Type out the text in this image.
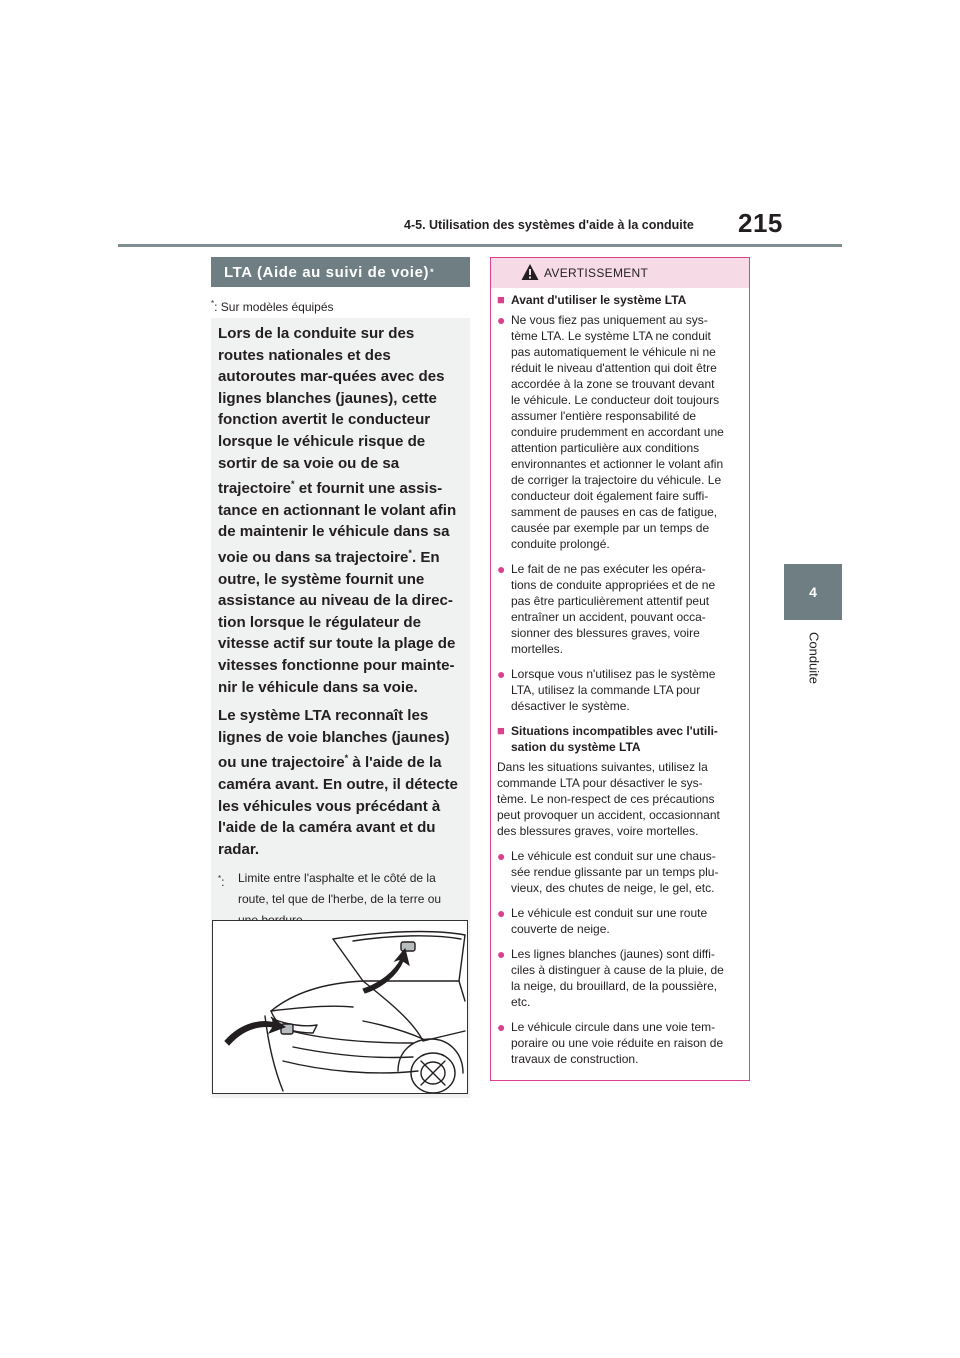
4-5. Utilisation des systèmes d'aide à la conduite 215
4
Conduite
LTA (Aide au suivi de voie) *
*: Sur modèles équipés

Lors de la conduite sur des routes nationales et des autoroutes mar-quées avec des lignes blanches (jaunes), cette fonction avertit le conducteur lorsque le véhicule risque de sortir de sa voie ou de sa trajectoire* et fournit une assis-tance en actionnant le volant afin de maintenir le véhicule dans sa voie ou dans sa trajectoire*. En outre, le système fournit une assistance au niveau de la direc-tion lorsque le régulateur de vitesse actif sur toute la plage de vitesses fonctionne pour mainte-nir le véhicule dans sa voie.

Le système LTA reconnaît les lignes de voie blanches (jaunes) ou une trajectoire* à l'aide de la caméra avant. En outre, il détecte les véhicules vous précédant à l'aide de la caméra avant et du radar.

*:	Limite entre l'asphalte et le côté de la route, tel que de l'herbe, de la terre ou
AVERTISSEMENT
■ Avant d'utiliser le système LTA
● Ne vous fiez pas uniquement au sys-
tème LTA. Le système LTA ne conduit
pas automatiquement le véhicule ni ne
réduit le niveau d'attention qui doit être
accordée à la zone se trouvant devant
le véhicule. Le conducteur doit toujours
assumer l'entière responsabilité de
conduire prudemment en accordant une
attention particulière aux conditions
environnantes et actionner le volant afin
de corriger la trajectoire du véhicule. Le
conducteur doit également faire suffi-
samment de pauses en cas de fatigue,
causée par exemple par un temps de
conduite prolongé.
● Le fait de ne pas exécuter les opéra-
tions de conduite appropriées et de ne
pas être particulièrement attentif peut
entraîner un accident, pouvant occa-
sionner des blessures graves, voire
mortelles.
● Lorsque vous n'utilisez pas le système
LTA, utilisez la commande LTA pour
désactiver le système.
■ Situations incompatibles avec l'utili-
sation du système LTA
Dans les situations suivantes, utilisez la
commande LTA pour désactiver le sys-
tème. Le non-respect de ces précautions
peut provoquer un accident, occasionnant
des blessures graves, voire mortelles.
● Le véhicule est conduit sur une chaus-
sée rendue glissante par un temps plu-
vieux, des chutes de neige, le gel, etc.
● Le véhicule est conduit sur une route
couverte de neige.
● Les lignes blanches (jaunes) sont diffi-
ciles à distinguer à cause de la pluie, de
la neige, du brouillard, de la poussière,
etc.
● Le véhicule circule dans une voie tem-
poraire ou une voie réduite en raison de
travaux de construction.
